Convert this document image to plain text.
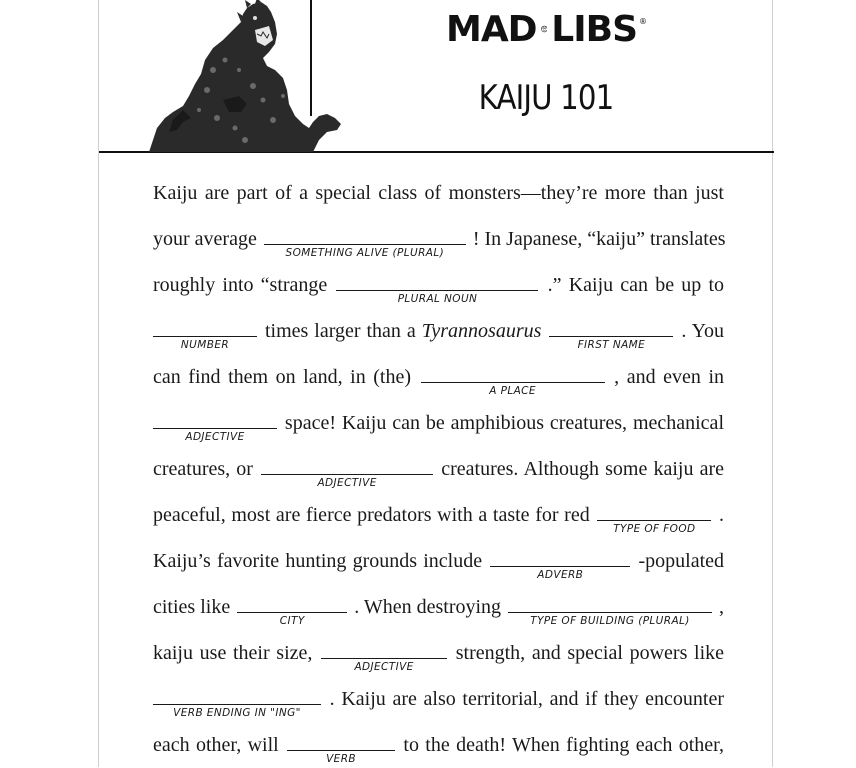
MAD LIBS ®
KAIJU 101
Kaiju are part of a special class of monsters—they’re more than just
your average
SOMETHING ALIVE (PLURAL)
! In Japanese, “kaiju” translates
roughly into “strange
PLURAL NOUN
.” Kaiju can be up to
NUMBER
times larger than a Tyrannosaurus
FIRST NAME
. You
can find them on land, in (the)
A PLACE
, and even in
ADJECTIVE
space! Kaiju can be amphibious creatures, mechanical
creatures, or
ADJECTIVE
creatures. Although some kaiju are
peaceful, most are fierce predators with a taste for red
TYPE OF FOOD
.
Kaiju’s favorite hunting grounds include
ADVERB
-populated
cities like
CITY
. When destroying
TYPE OF BUILDING (PLURAL)
,
kaiju use their size,
ADJECTIVE
strength, and special powers like
VERB ENDING IN "ING"
. Kaiju are also territorial, and if they encounter
each other, will
VERB
to the death! When fighting each other,
